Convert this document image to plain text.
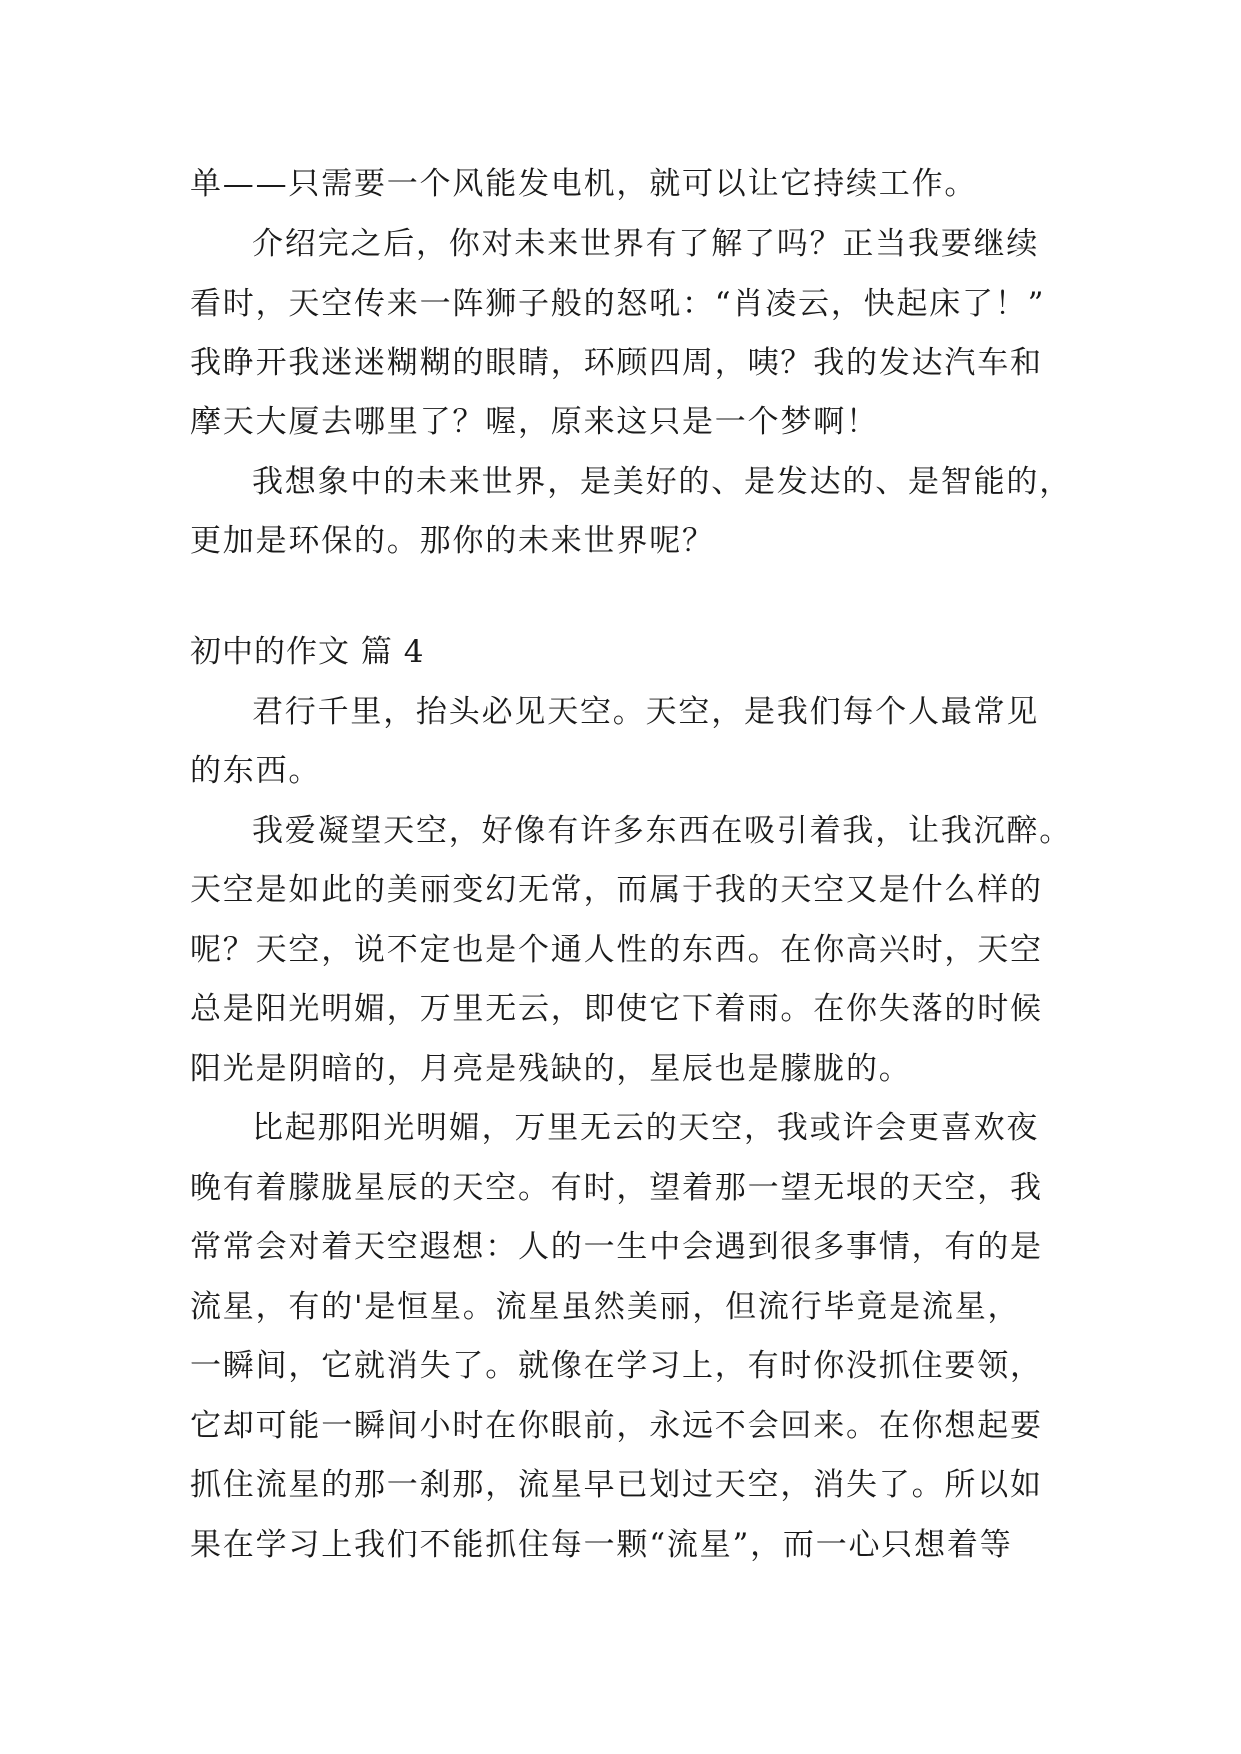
单——只需要一个风能发电机，就可以让它持续工作。
介绍完之后，你对未来世界有了解了吗？正当我要继续
看时，天空传来一阵狮子般的怒吼：“肖凌云，快起床了！”
我睁开我迷迷糊糊的眼睛，环顾四周，咦？我的发达汽车和
摩天大厦去哪里了？喔，原来这只是一个梦啊！
我想象中的未来世界，是美好的、是发达的、是智能的，
更加是环保的。那你的未来世界呢？
初中的作文 篇 4
君行千里，抬头必见天空。天空，是我们每个人最常见
的东西。
我爱凝望天空，好像有许多东西在吸引着我，让我沉醉。
天空是如此的美丽变幻无常，而属于我的天空又是什么样的
呢？天空，说不定也是个通人性的东西。在你高兴时，天空
总是阳光明媚，万里无云，即使它下着雨。在你失落的时候
阳光是阴暗的，月亮是残缺的，星辰也是朦胧的。
比起那阳光明媚，万里无云的天空，我或许会更喜欢夜
晚有着朦胧星辰的天空。有时，望着那一望无垠的天空，我
常常会对着天空遐想：人的一生中会遇到很多事情，有的是
流星，有的'是恒星。流星虽然美丽，但流行毕竟是流星，
一瞬间，它就消失了。就像在学习上，有时你没抓住要领，
它却可能一瞬间小时在你眼前，永远不会回来。在你想起要
抓住流星的那一刹那，流星早已划过天空，消失了。所以如
果在学习上我们不能抓住每一颗“流星”，而一心只想着等
